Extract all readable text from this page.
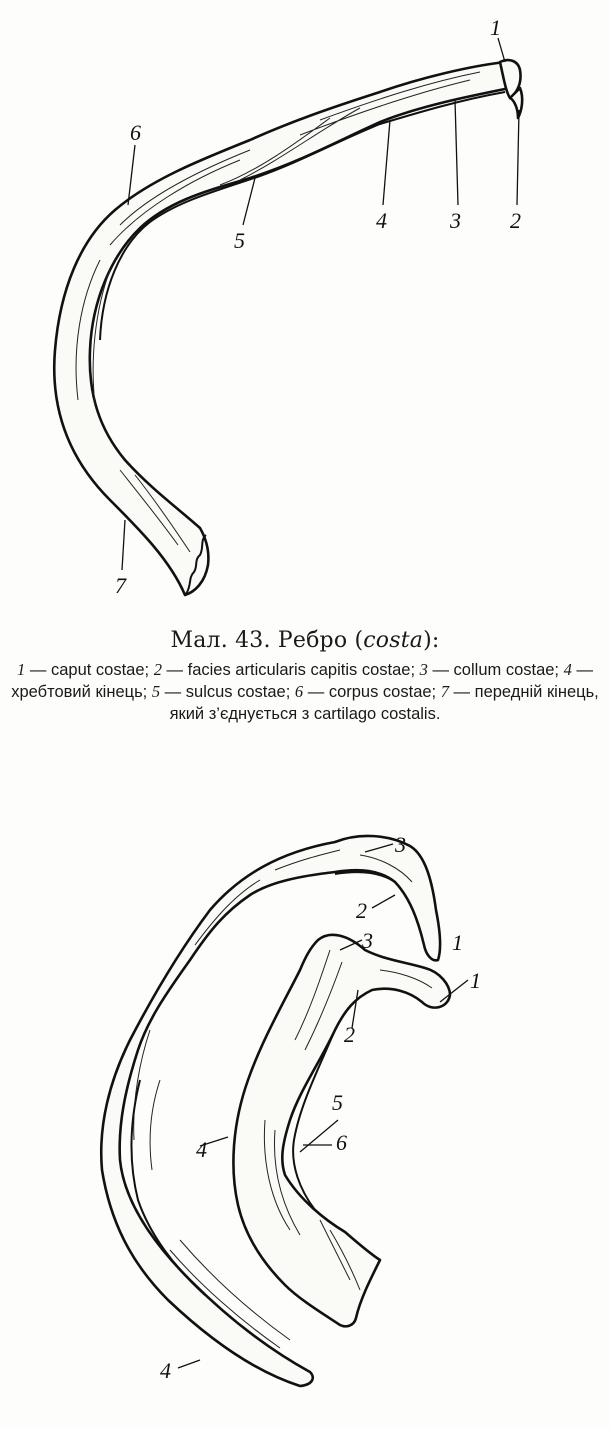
1
2
3
4
5
6
7

Мал. 43. Ребро (costa):

1 — caput costae; 2 — facies articularis capitis costae; 3 — collum costae; 4 — хребтовий кінець; 5 — sulcus costae; 6 — corpus costae; 7 — передній кінець, який з’єднується з cartilago costalis.

3
2
1
3
1
2
5
6
4
4
